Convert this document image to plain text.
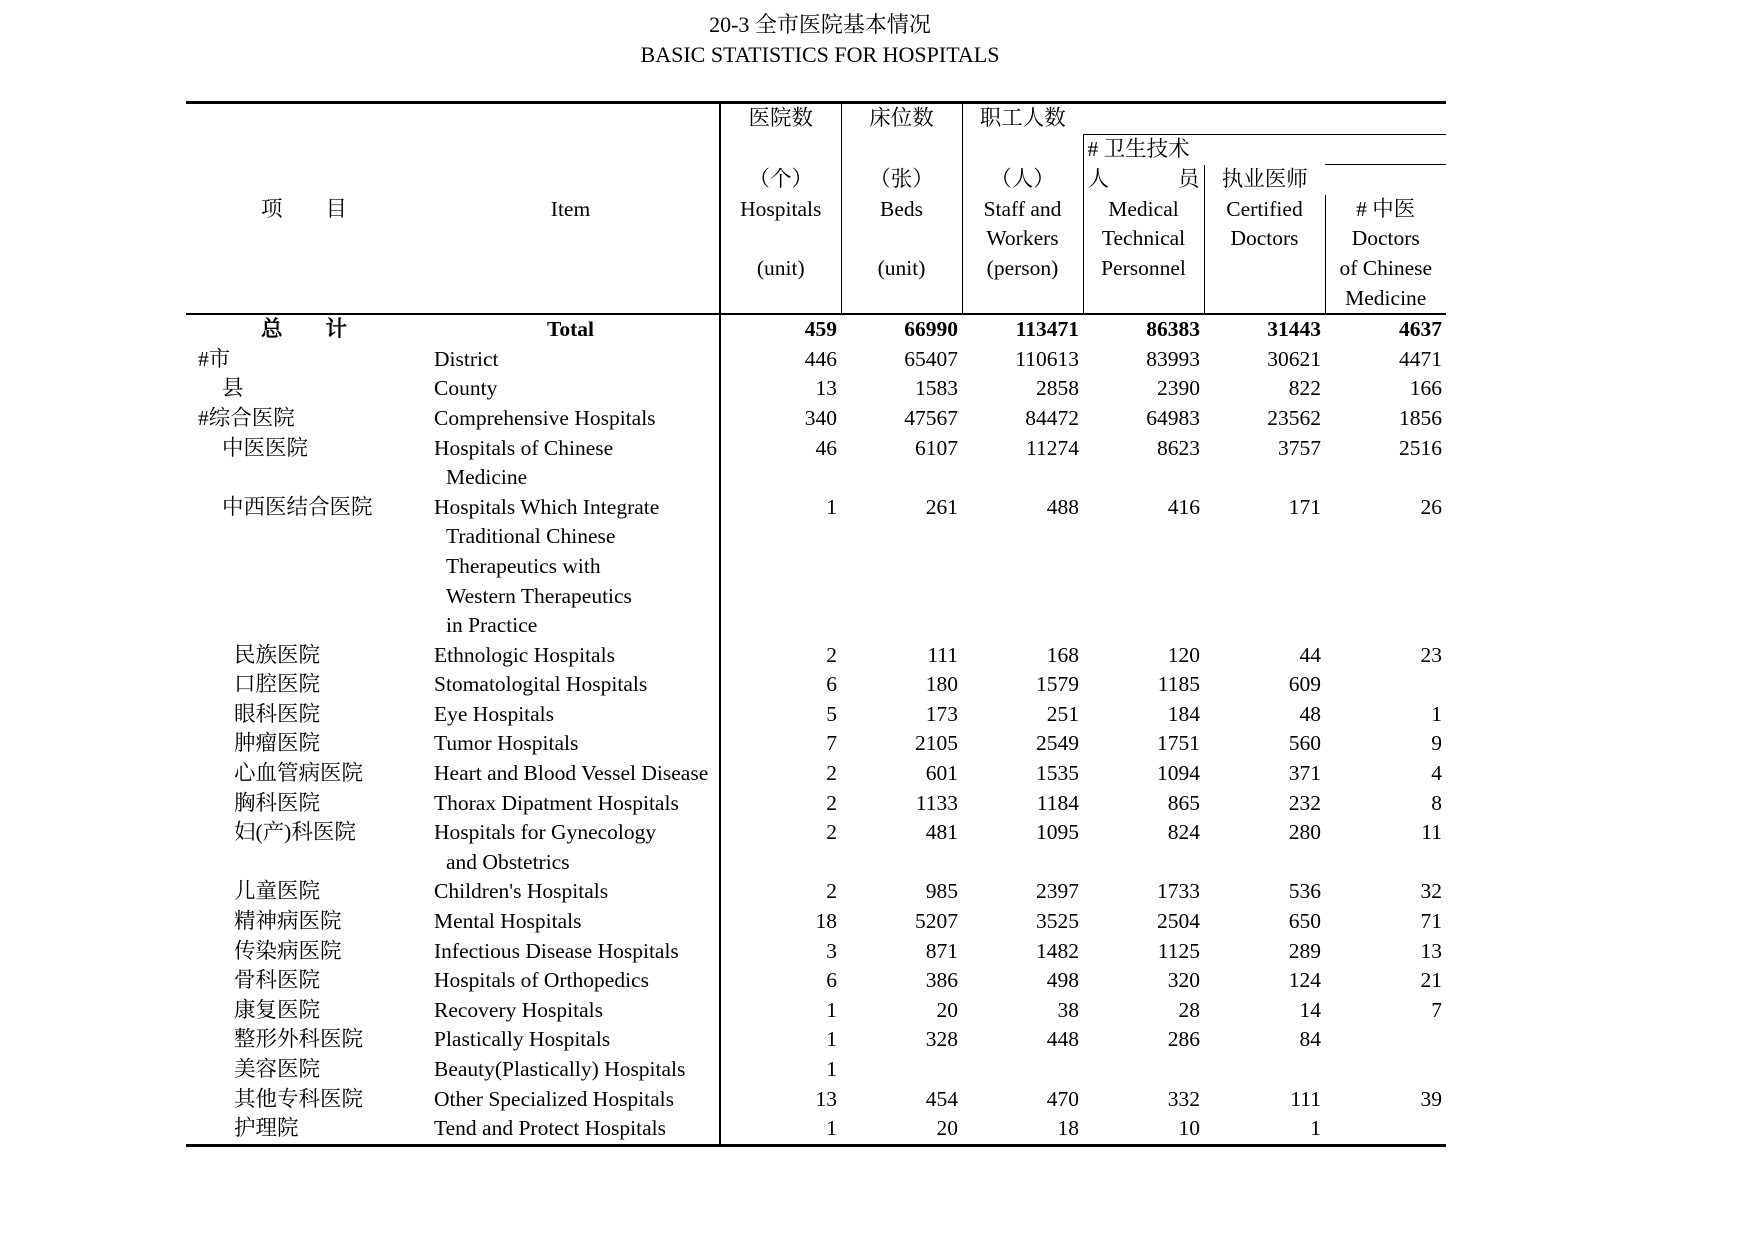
20-3 全市医院基本情况
BASIC STATISTICS FOR HOSPITALS
		医院数	床位数	职工人数			
					# 卫生技术		
		（个）	（张）	（人）	人 员	执业医师	
项　　目	Item	Hospitals	Beds	Staff and	Medical	Certified	# 中医
				Workers	Technical	Doctors	Doctors
		(unit)	(unit)	(person)	Personnel		of Chinese
							Medicine
总　　计	Total	459	66990	113471	86383	31443	4637
#市	District	446	65407	110613	83993	30621	4471
县	County	13	1583	2858	2390	822	166
#综合医院	Comprehensive Hospitals	340	47567	84472	64983	23562	1856
中医医院	Hospitals of Chinese	46	6107	11274	8623	3757	2516
	Medicine						
中西医结合医院	Hospitals Which Integrate	1	261	488	416	171	26
	Traditional Chinese						
	Therapeutics with						
	Western Therapeutics						
	in Practice						
民族医院	Ethnologic Hospitals	2	111	168	120	44	23
口腔医院	Stomatologital Hospitals	6	180	1579	1185	609	
眼科医院	Eye Hospitals	5	173	251	184	48	1
肿瘤医院	Tumor Hospitals	7	2105	2549	1751	560	9
心血管病医院	Heart and Blood Vessel Disease	2	601	1535	1094	371	4
胸科医院	Thorax Dipatment Hospitals	2	1133	1184	865	232	8
妇(产)科医院	Hospitals for Gynecology	2	481	1095	824	280	11
	and Obstetrics						
儿童医院	Children's Hospitals	2	985	2397	1733	536	32
精神病医院	Mental Hospitals	18	5207	3525	2504	650	71
传染病医院	Infectious Disease Hospitals	3	871	1482	1125	289	13
骨科医院	Hospitals of Orthopedics	6	386	498	320	124	21
康复医院	Recovery Hospitals	1	20	38	28	14	7
整形外科医院	Plastically Hospitals	1	328	448	286	84	
美容医院	Beauty(Plastically) Hospitals	1					
其他专科医院	Other Specialized Hospitals	13	454	470	332	111	39
护理院	Tend and Protect Hospitals	1	20	18	10	1	
